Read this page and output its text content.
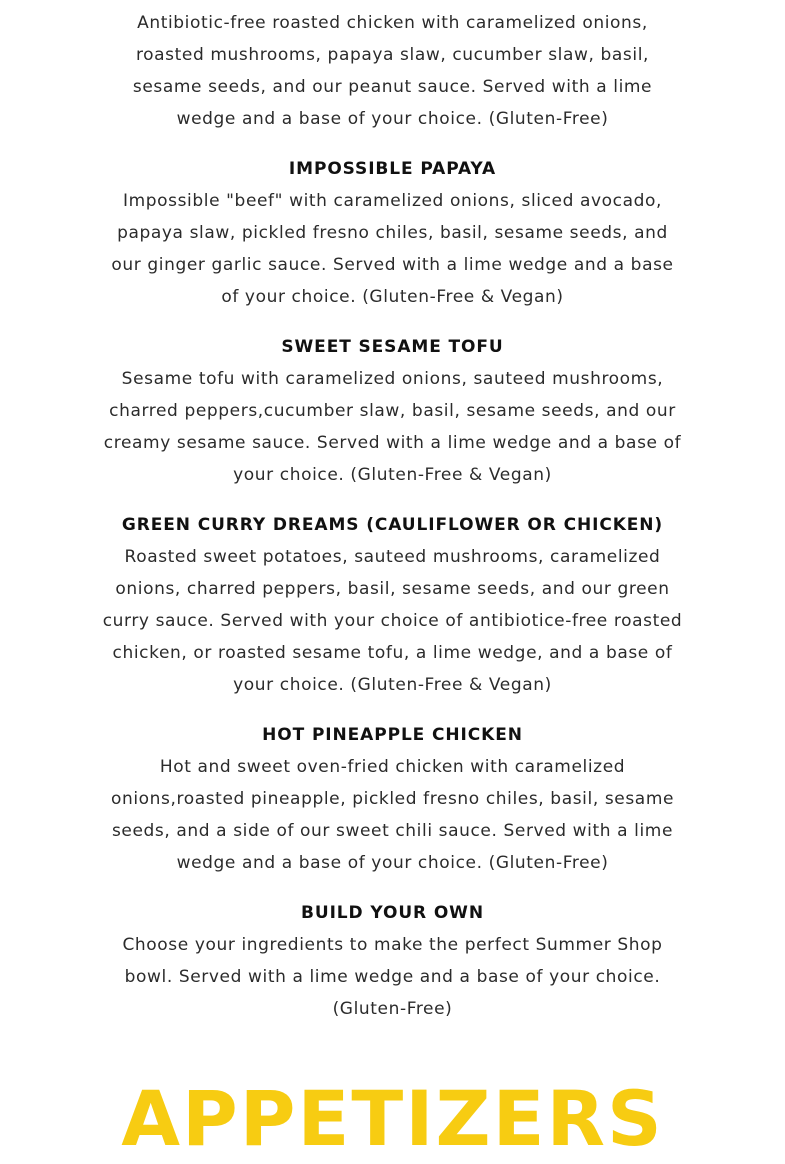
Antibiotic-free roasted chicken with caramelized onions, roasted mushrooms, papaya slaw, cucumber slaw, basil, sesame seeds, and our peanut sauce. Served with a lime wedge and a base of your choice. (Gluten-Free)

IMPOSSIBLE PAPAYA

Impossible "beef" with caramelized onions, sliced avocado, papaya slaw, pickled fresno chiles, basil, sesame seeds, and our ginger garlic sauce. Served with a lime wedge and a base of your choice. (Gluten-Free & Vegan)

SWEET SESAME TOFU

Sesame tofu with caramelized onions, sauteed mushrooms, charred peppers,cucumber slaw, basil, sesame seeds, and our creamy sesame sauce. Served with a lime wedge and a base of your choice. (Gluten-Free & Vegan)

GREEN CURRY DREAMS (CAULIFLOWER OR CHICKEN)

Roasted sweet potatoes, sauteed mushrooms, caramelized onions, charred peppers, basil, sesame seeds, and our green curry sauce. Served with your choice of antibiotice-free roasted chicken, or roasted sesame tofu, a lime wedge, and a base of your choice. (Gluten-Free & Vegan)

HOT PINEAPPLE CHICKEN

Hot and sweet oven-fried chicken with caramelized onions,roasted pineapple, pickled fresno chiles, basil, sesame seeds, and a side of our sweet chili sauce. Served with a lime wedge and a base of your choice. (Gluten-Free)

BUILD YOUR OWN

Choose your ingredients to make the perfect Summer Shop bowl. Served with a lime wedge and a base of your choice. (Gluten-Free)

APPETIZERS
